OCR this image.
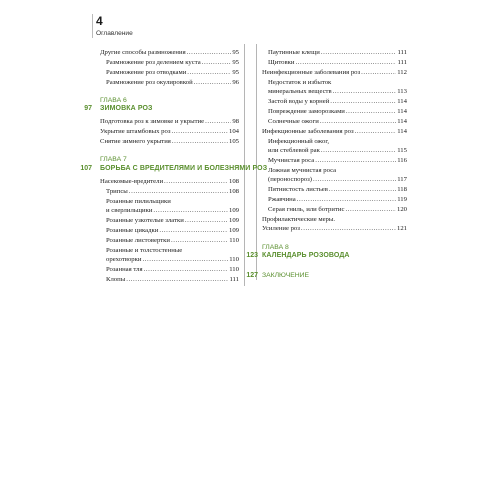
4
Оглавление
Другие способы размножения .....	95
Размножение роз делением куста .....	95
Размножение роз отводками .....	95
Размножение роз окулировкой .....	96
ГЛАВА 6
97 ЗИМОВКА РОЗ
Подготовка роз к зимовке и укрытие .....	98
Укрытие штамбовых роз .....	104
Снятие зимнего укрытия .....	105
ГЛАВА 7
107 БОРЬБА С ВРЕДИТЕЛЯМИ И БОЛЕЗНЯМИ РОЗ
Насекомые-вредители .....	108
Трипсы .....	108
Розанные пилильщики
и сверлильщики .....	109
Розанные узкотелые златки .....	109
Розанные цикадки .....	109
Розанные листовертки .....	110
Розанные и толстостенные
орехотворки .....	110
Розанная тля .....	110
Клопы .....	111
Паутинные клещи .....	111
Щитовки .....	111
Неинфекционные заболевания роз .....	112
Недостаток и избыток
минеральных веществ .....	113
Застой воды у корней .....	114
Повреждение заморозками .....	114
Солнечные ожоги .....	114
Инфекционные заболевания роз .....	114
Инфекционный ожог,
или стеблевой рак .....	115
Мучнистая роса .....	116
Ложная мучнистая роса
(пероноспороз) .....	117
Пятнистость листьев .....	118
Ржавчина .....	119
Серая гниль, или ботритис .....	120
Профилактические меры.
Усиление роз .....	121
ГЛАВА 8
123 КАЛЕНДАРЬ РОЗОВОДА
127 ЗАКЛЮЧЕНИЕ
